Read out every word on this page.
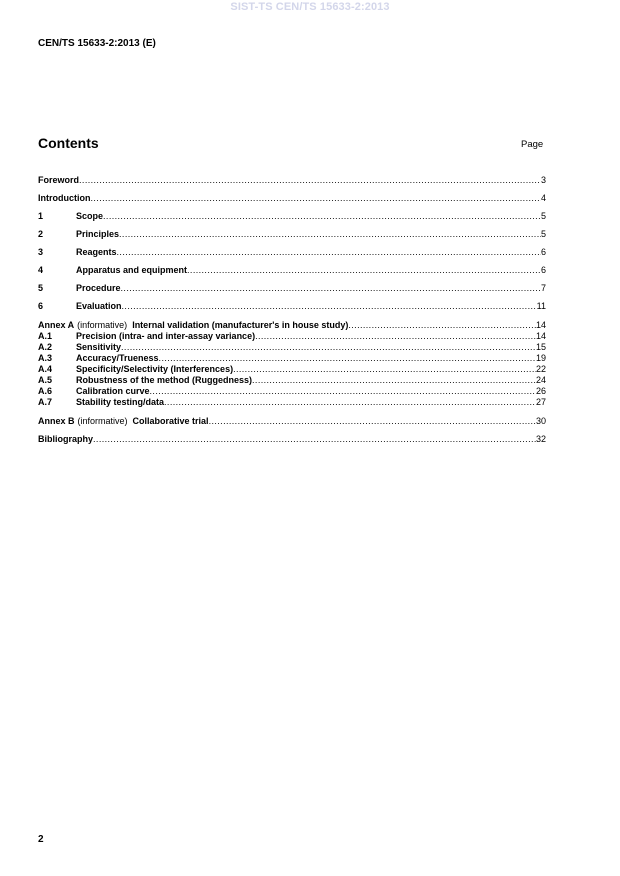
SIST-TS CEN/TS 15633-2:2013
CEN/TS 15633-2:2013 (E)
Contents	Page
Foreword .....	3
Introduction .....	4
1	Scope .....	5
2	Principles .....	5
3	Reagents .....	6
4	Apparatus and equipment .....	6
5	Procedure .....	7
6	Evaluation .....	11
Annex A (informative) Internal validation (manufacturer's in house study) .....	14
A.1	Precision (intra- and inter-assay variance) .....	14
A.2	Sensitivity .....	15
A.3	Accuracy/Trueness .....	19
A.4	Specificity/Selectivity (Interferences) .....	22
A.5	Robustness of the method (Ruggedness) .....	24
A.6	Calibration curve .....	26
A.7	Stability testing/data .....	27
Annex B (informative) Collaborative trial .....	30
Bibliography .....	32
2
